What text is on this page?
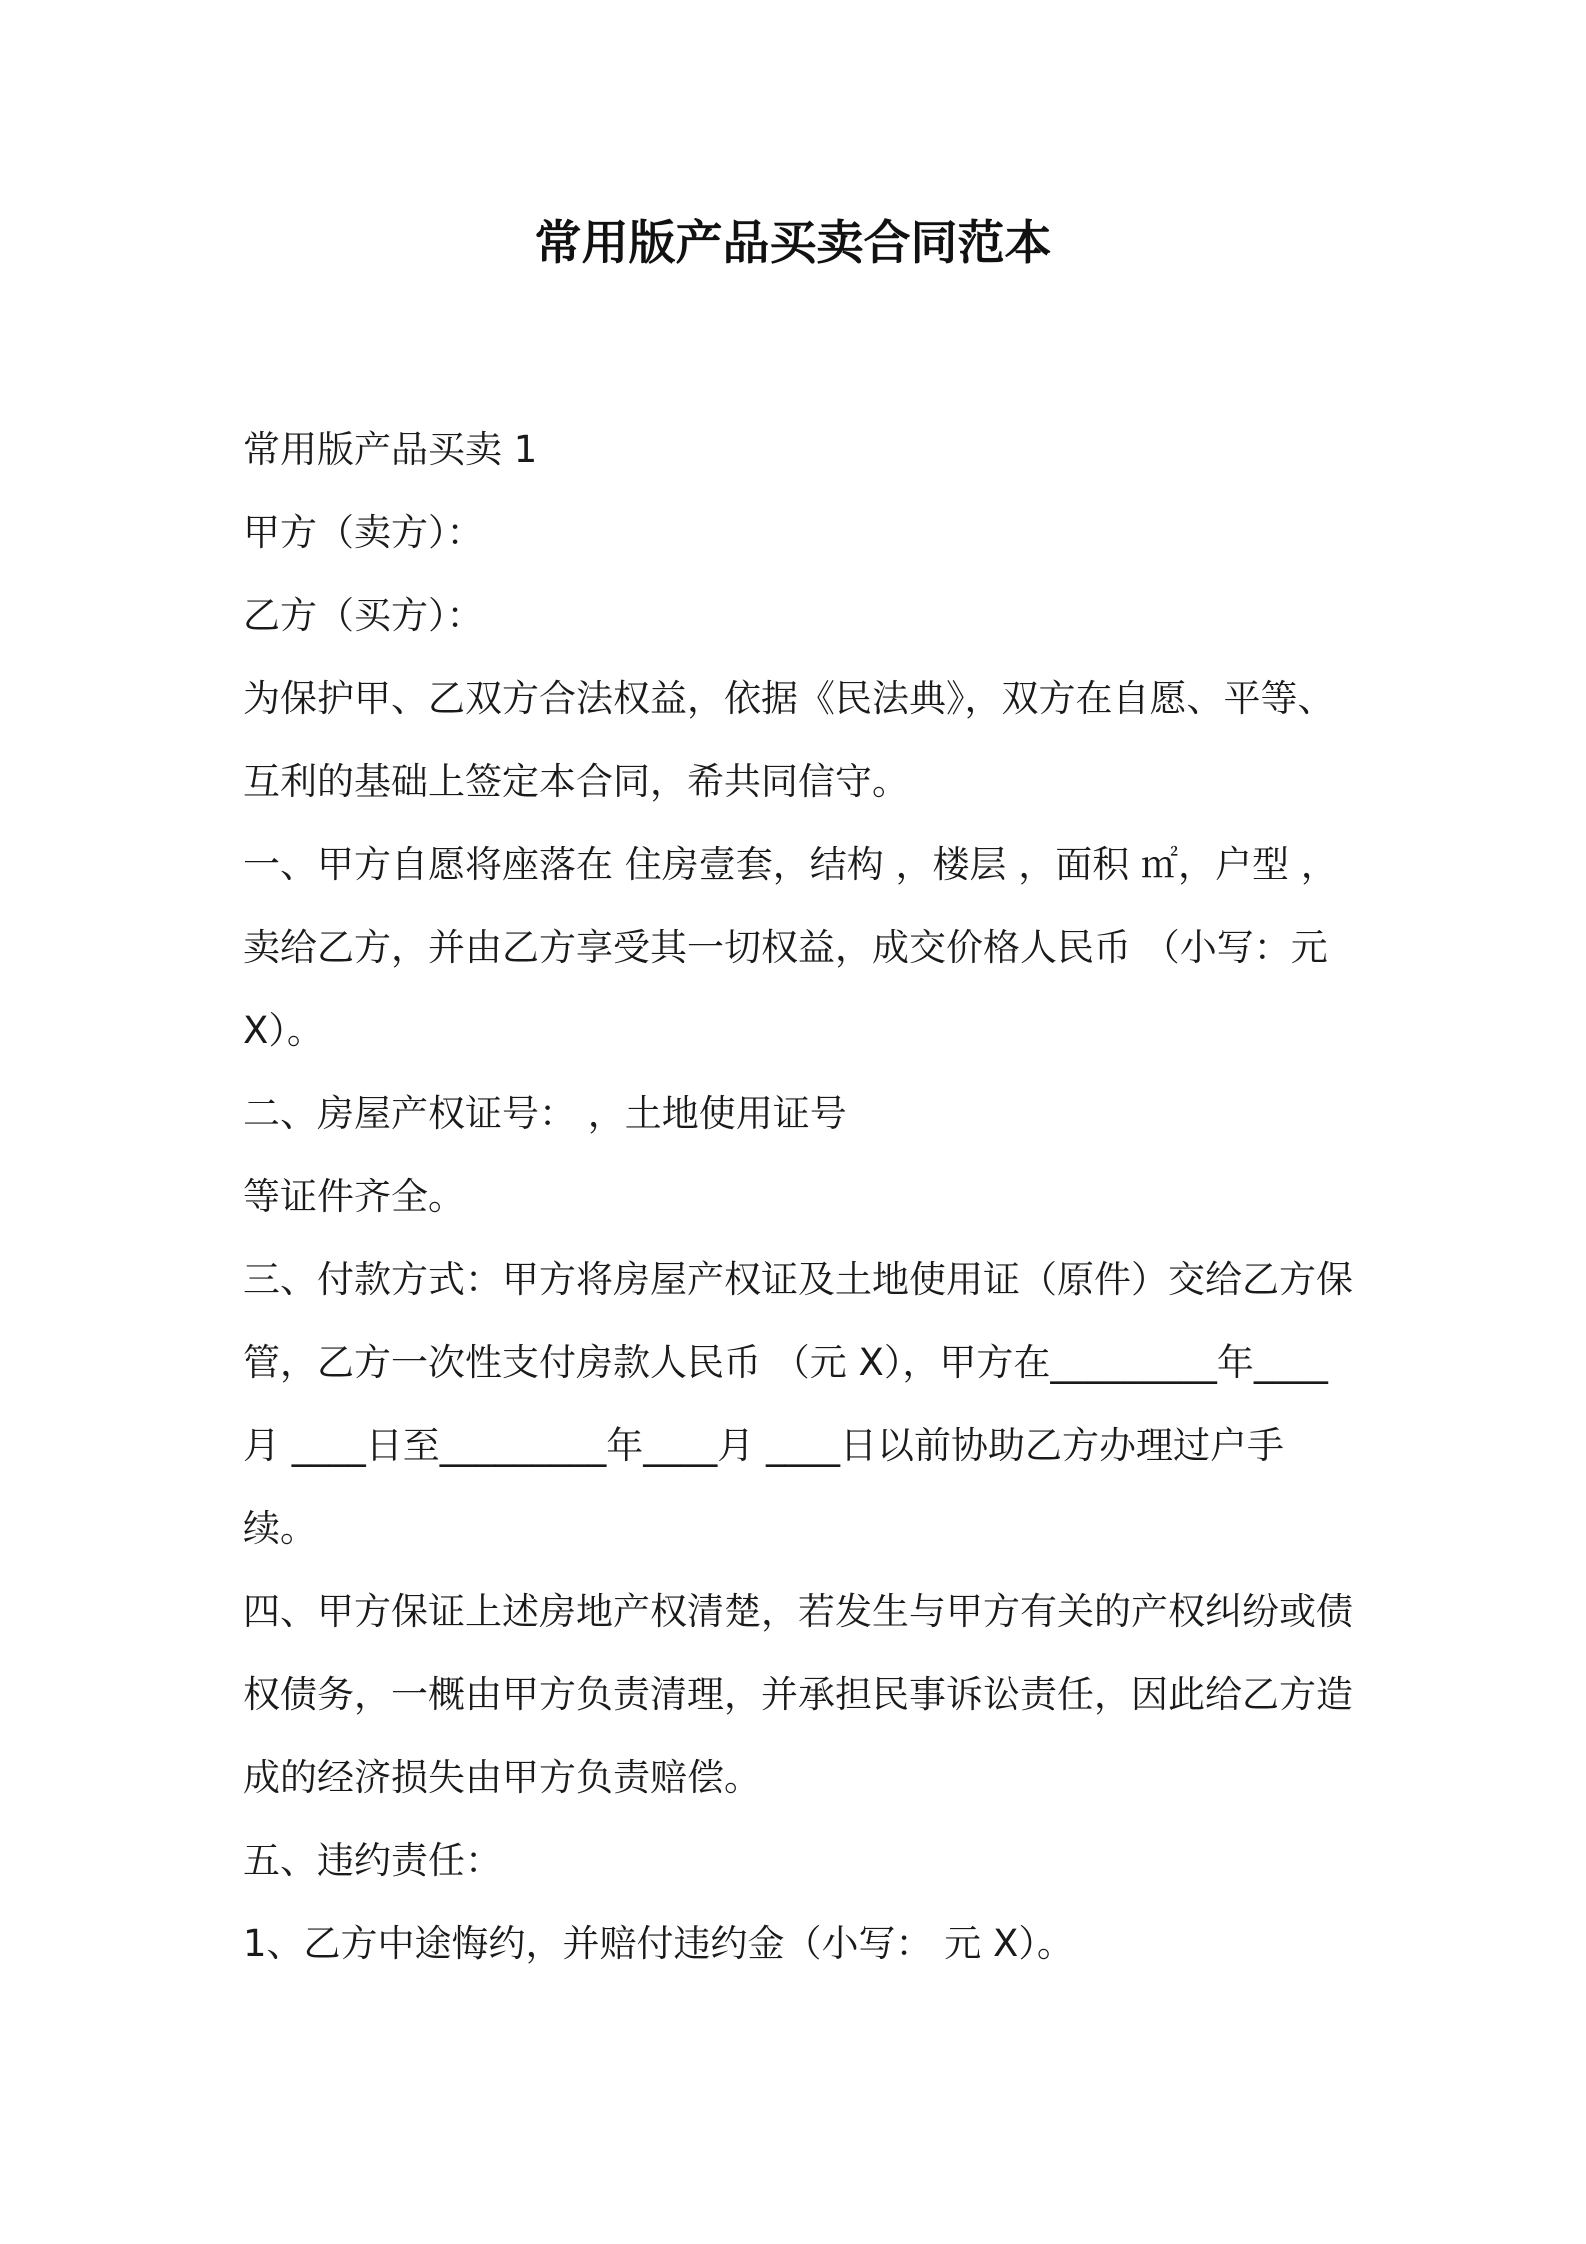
常用版产品买卖合同范本

常用版产品买卖 1

甲方（卖方）：

乙方（买方）：

为保护甲、乙双方合法权益，依据《民法典》，双方在自愿、平等、

互利的基础上签定本合同，希共同信守。

一、甲方自愿将座落在 住房壹套，结构 ，楼层 ，面积 ㎡，户型 ，

卖给乙方，并由乙方享受其一切权益，成交价格人民币 （小写：元

X）。

二、房屋产权证号： ，土地使用证号

等证件齐全。

三、付款方式：甲方将房屋产权证及土地使用证（原件）交给乙方保

管，乙方一次性支付房款人民币 （元 X），甲方在_________年____

月 ____日至_________年____月 ____日以前协助乙方办理过户手

续。

四、甲方保证上述房地产权清楚，若发生与甲方有关的产权纠纷或债

权债务，一概由甲方负责清理，并承担民事诉讼责任，因此给乙方造

成的经济损失由甲方负责赔偿。

五、违约责任：

1、乙方中途悔约，并赔付违约金（小写： 元 X）。
